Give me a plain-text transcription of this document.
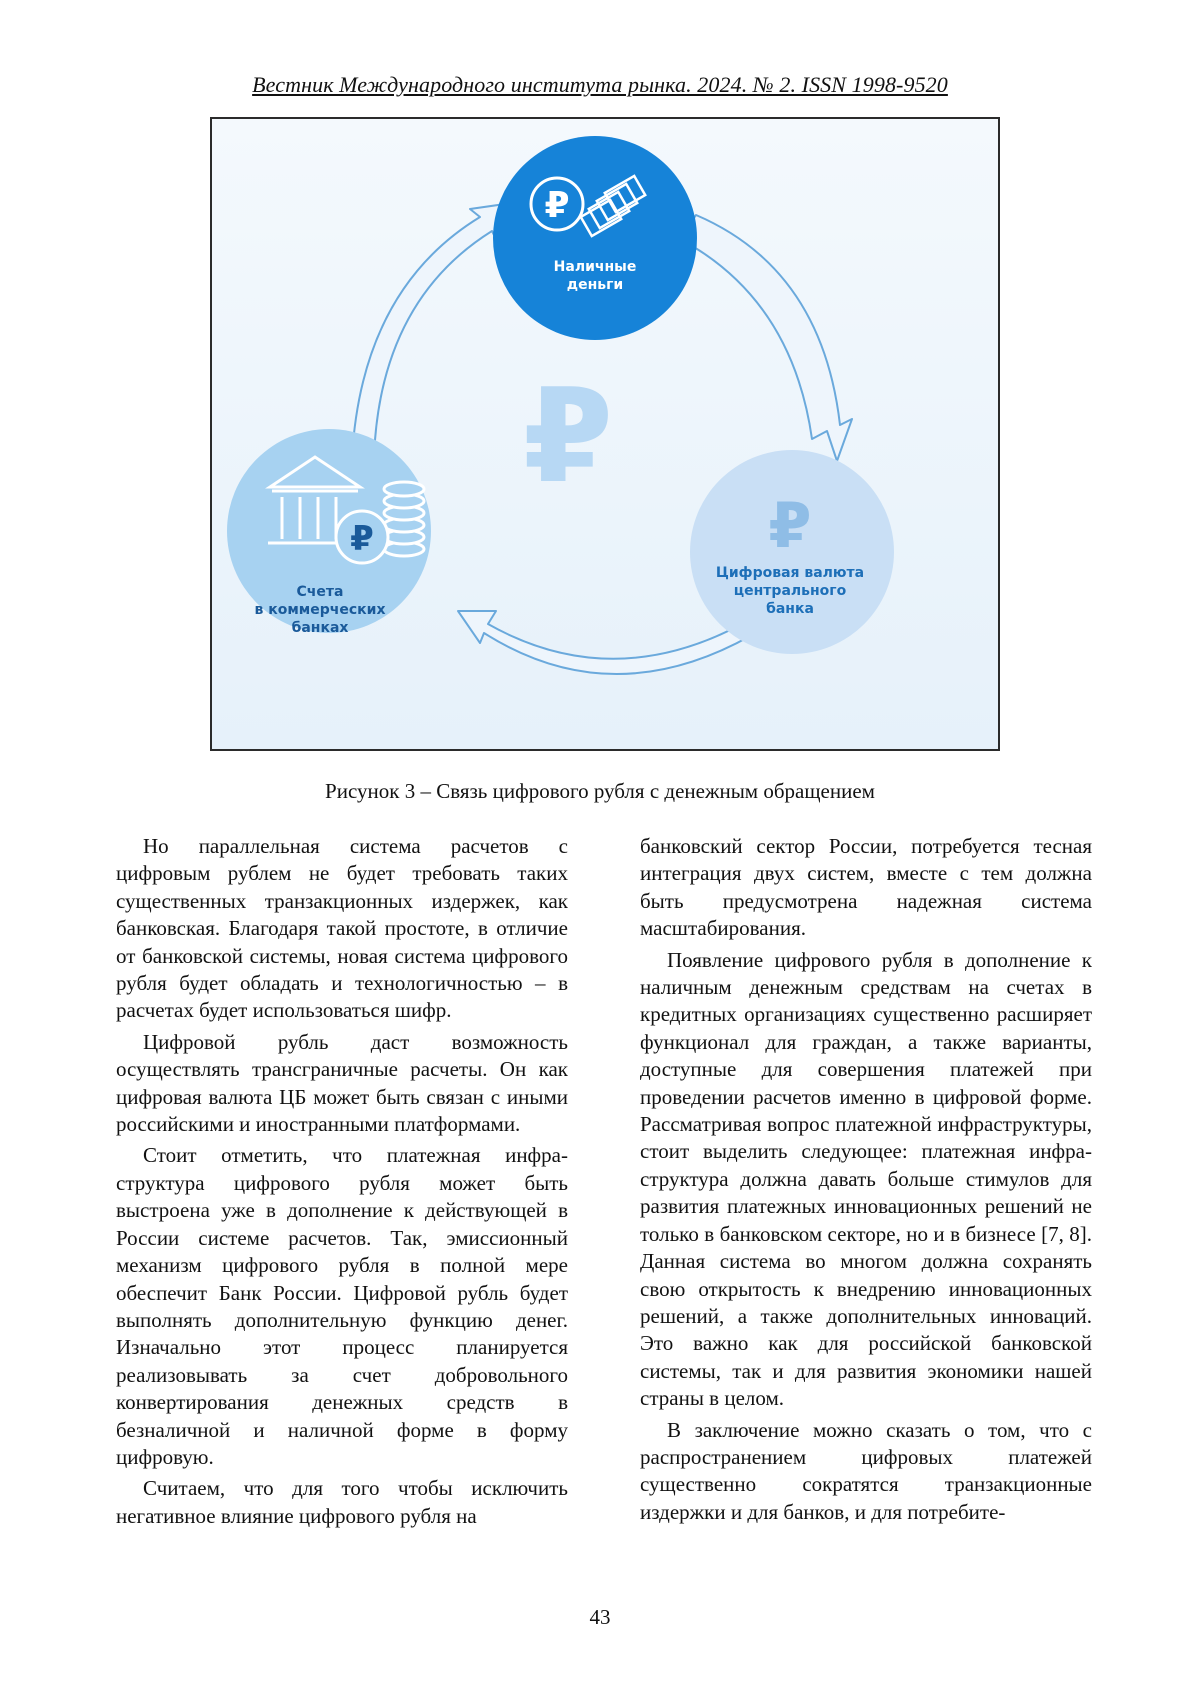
Вестник Международного института рынка. 2024. № 2. ISSN 1998-9520
₽
₽
Наличные
деньги
₽
Счета
в коммерческих
банках
₽
Цифровая валюта
центрального
банка
Рисунок 3 – Связь цифрового рубля с денежным обращением

Но параллельная система расчетов с цифровым рублем не будет требовать та­ких существенных транзакционных издер­жек, как банковская. Благодаря такой про­стоте, в отличие от банковской системы, новая система цифрового рубля будет об­ладать и технологичностью – в расчетах будет использоваться шифр.

Цифровой рубль даст возможность осуществлять трансграничные расчеты. Он как цифровая валюта ЦБ может быть свя­зан с иными российскими и иностранными платформами.

Стоит отметить, что платежная инфра­структура цифрового рубля может быть выстроена уже в дополнение к действую­щей в России системе расчетов. Так, эмис­сионный механизм цифрового рубля в полной мере обеспечит Банк России. Циф­ровой рубль будет выполнять дополни­тельную функцию денег. Изначально этот процесс планируется реализовывать за счет добровольного конвертирования де­нежных средств в безналичной и наличной форме в форму цифровую.

Считаем, что для того чтобы исключить негативное влияние цифрового рубля на

банковский сектор России, потребуется тесная интеграция двух систем, вместе с тем должна быть предусмотрена надежная система масштабирования.

Появление цифрового рубля в дополне­ние к наличным денежным средствам на счетах в кредитных организациях сущест­венно расширяет функционал для граждан, а также варианты, доступные для совер­шения платежей при проведении расчетов именно в цифровой форме. Рассматривая вопрос платежной инфраструктуры, стоит выделить следующее: платежная инфра­структура должна давать больше стимулов для развития платежных инновационных решений не только в банковском секторе, но и в бизнесе [7, 8]. Данная система во многом должна сохранять свою откры­тость к внедрению инновационных реше­ний, а также дополнительных инноваций. Это важно как для российской банковской системы, так и для развития экономики нашей страны в целом.

В заключение можно сказать о том, что с распространением цифровых платежей существенно сократятся транзакционные издержки и для банков, и для потребите-

43
